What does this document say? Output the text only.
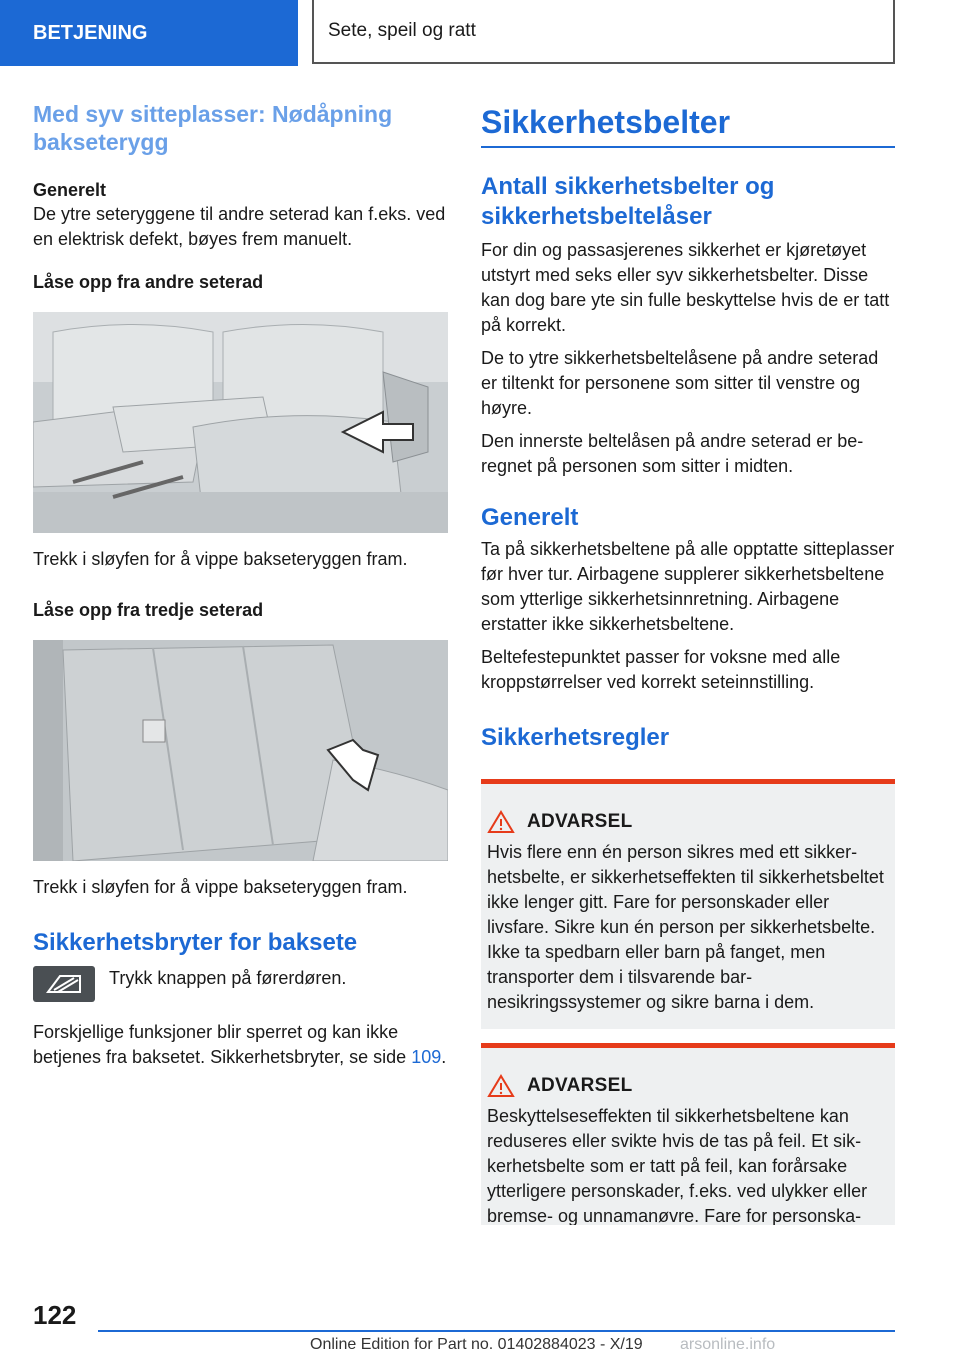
BETJENING	Sete, speil og ratt
Med syv sitteplasser: Nødåpning bakseterygg
Generelt

De ytre seteryggene til andre seterad kan f.eks. ved en elektrisk defekt, bøyes frem manuelt.

Låse opp fra andre seterad

Trekk i sløyfen for å vippe bakseteryggen fram.

Låse opp fra tredje seterad

Trekk i sløyfen for å vippe bakseteryggen fram.

Sikkerhetsbryter for baksete

Trykk knappen på førerdøren.

Forskjellige funksjoner blir sperret og kan ikke betjenes fra baksetet. Sikkerhetsbryter, se side 109.

Sikkerhetsbelter
Antall sikkerhetsbelter og sikkerhetsbeltelåser

For din og passasjerenes sikkerhet er kjøretøyet utstyrt med seks eller syv sikkerhetsbelter. Disse kan dog bare yte sin fulle beskyttelse hvis de er tatt på korrekt.

De to ytre sikkerhetsbeltelåsene på andre seterad er tiltenkt for personene som sitter til venstre og høyre.

Den innerste beltelåsen på andre seterad er beregnet på personen som sitter i midten.

Generelt

Ta på sikkerhetsbeltene på alle opptatte sitteplasser før hver tur. Airbagene supplerer sikkerhetsbeltene som ytterlige sikkerhetsinnretning. Airbagene erstatter ikke sikkerhetsbeltene.

Beltefestepunktet passer for voksne med alle kroppstørrelser ved korrekt seteinnstilling.

Sikkerhetsregler
ADVARSEL

Hvis flere enn én person sikres med ett sikkerhetsbelte, er sikkerhetseffekten til sikkerhetsbeltet ikke lenger gitt. Fare for personskader eller livsfare. Sikre kun én person per sikkerhetsbelte. Ikke ta spedbarn eller barn på fanget, men transporter dem i tilsvarende barnesikringssystemer og sikre barna i dem.

ADVARSEL

Beskyttelseseffekten til sikkerhetsbeltene kan reduseres eller svikte hvis de tas på feil. Et sikkerhetsbelte som er tatt på feil, kan forårsake ytterligere personskader, f.eks. ved ulykker eller bremse- og unnamanøvre. Fare for personska-

122
Online Edition for Part no. 01402884023 - X/19 arsonline.info
